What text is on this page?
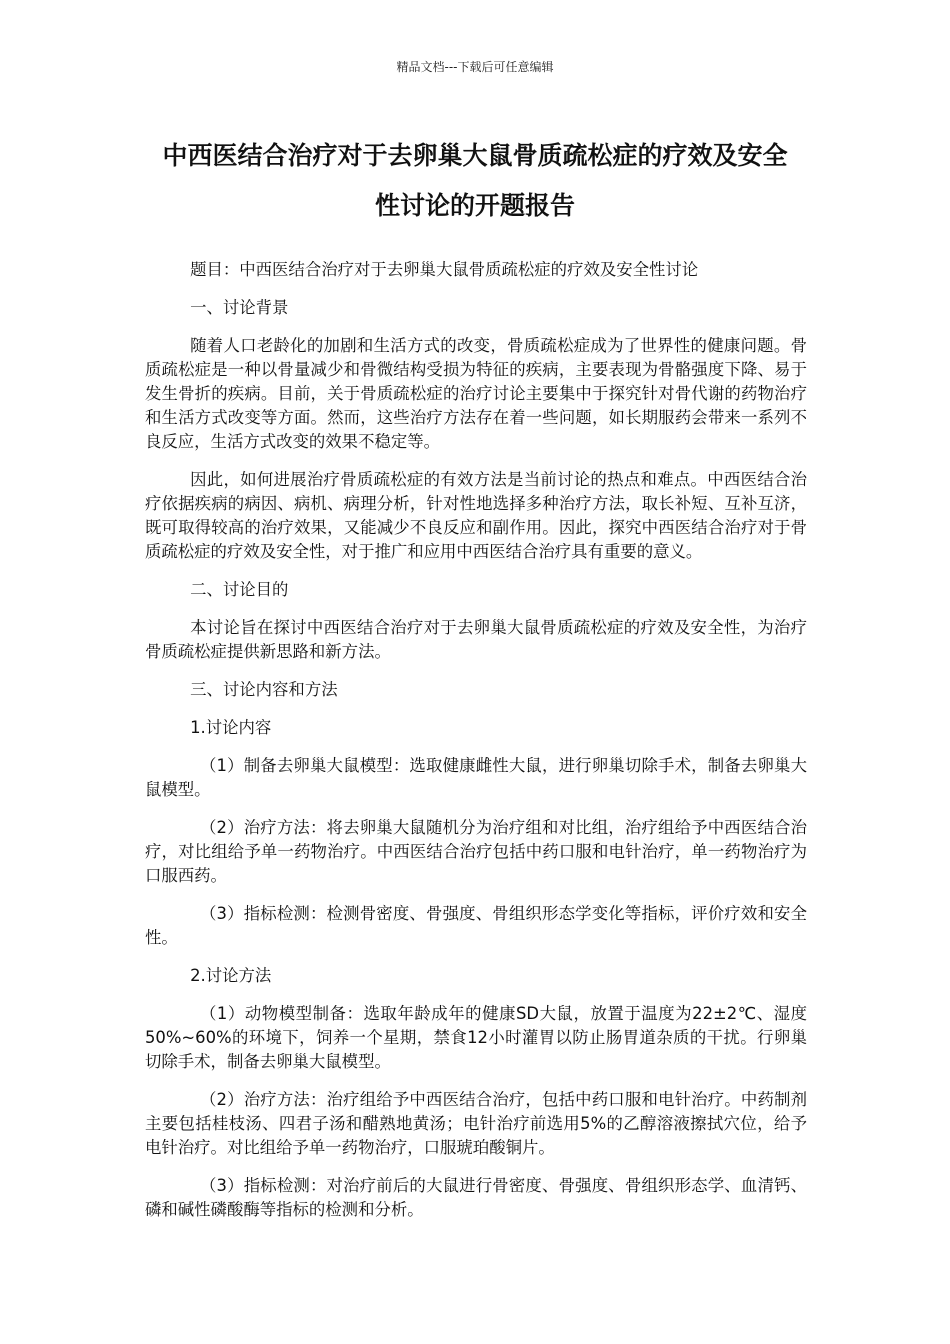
精品文档---下载后可任意编辑
中西医结合治疗对于去卵巢大鼠骨质疏松症的疗效及安全
性讨论的开题报告

题目：中西医结合治疗对于去卵巢大鼠骨质疏松症的疗效及安全性讨论

一、讨论背景

随着人口老龄化的加剧和生活方式的改变，骨质疏松症成为了世界性的健康问题。骨质疏松症是一种以骨量减少和骨微结构受损为特征的疾病，主要表现为骨骼强度下降、易于发生骨折的疾病。目前，关于骨质疏松症的治疗讨论主要集中于探究针对骨代谢的药物治疗和生活方式改变等方面。然而，这些治疗方法存在着一些问题，如长期服药会带来一系列不良反应，生活方式改变的效果不稳定等。

因此，如何进展治疗骨质疏松症的有效方法是当前讨论的热点和难点。中西医结合治疗依据疾病的病因、病机、病理分析，针对性地选择多种治疗方法，取长补短、互补互济，既可取得较高的治疗效果，又能减少不良反应和副作用。因此，探究中西医结合治疗对于骨质疏松症的疗效及安全性，对于推广和应用中西医结合治疗具有重要的意义。

二、讨论目的

本讨论旨在探讨中西医结合治疗对于去卵巢大鼠骨质疏松症的疗效及安全性，为治疗骨质疏松症提供新思路和新方法。

三、讨论内容和方法

1.讨论内容

（1）制备去卵巢大鼠模型：选取健康雌性大鼠，进行卵巢切除手术，制备去卵巢大鼠模型。

（2）治疗方法：将去卵巢大鼠随机分为治疗组和对比组，治疗组给予中西医结合治疗，对比组给予单一药物治疗。中西医结合治疗包括中药口服和电针治疗，单一药物治疗为口服西药。

（3）指标检测：检测骨密度、骨强度、骨组织形态学变化等指标，评价疗效和安全性。

2.讨论方法

（1）动物模型制备：选取年龄成年的健康SD大鼠，放置于温度为22±2℃、湿度50%~60%的环境下，饲养一个星期，禁食12小时灌胃以防止肠胃道杂质的干扰。行卵巢切除手术，制备去卵巢大鼠模型。

（2）治疗方法：治疗组给予中西医结合治疗，包括中药口服和电针治疗。中药制剂主要包括桂枝汤、四君子汤和醋熟地黄汤；电针治疗前选用5%的乙醇溶液擦拭穴位，给予电针治疗。对比组给予单一药物治疗，口服琥珀酸铜片。

（3）指标检测：对治疗前后的大鼠进行骨密度、骨强度、骨组织形态学、血清钙、磷和碱性磷酸酶等指标的检测和分析。
